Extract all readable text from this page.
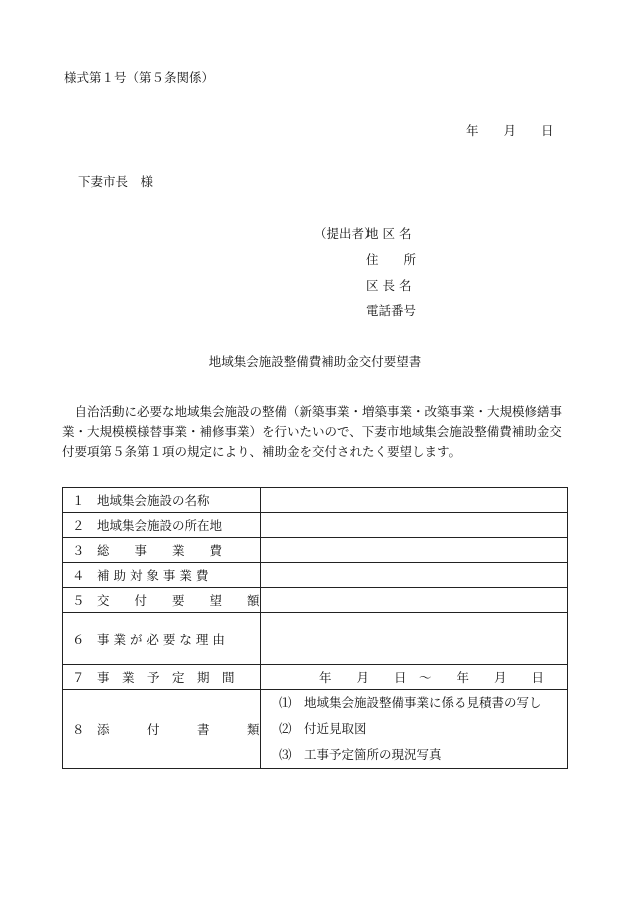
様式第１号（第５条関係）
年　　月　　日
下妻市長　様
（提出者）
地 区 名
住　　所
区 長 名
電話番号
地域集会施設整備費補助金交付要望書

　自治活動に必要な地域集会施設の整備（新築事業・増築事業・改築事業・大規模修繕事

業・大規模模様替事業・補修事業）を行いたいので、下妻市地域集会施設整備費補助金交

付要項第５条第１項の規定により、補助金を交付されたく要望します。

１　地域集会施設の名称	
２　地域集会施設の所在地	
３　総　　事　　業　　費	
４　補 助 対 象 事 業 費	
５　交　　付　　要　　望　　額	
６　事 業 が 必 要 な 理 由	
７　事　業　予　定　期　間	年　　月　　日　～　　年　　月　　日
８　添　　　付　　　書　　　類	⑴　地域集会施設整備事業に係る見積書の写し
⑵　付近見取図
⑶　工事予定箇所の現況写真
